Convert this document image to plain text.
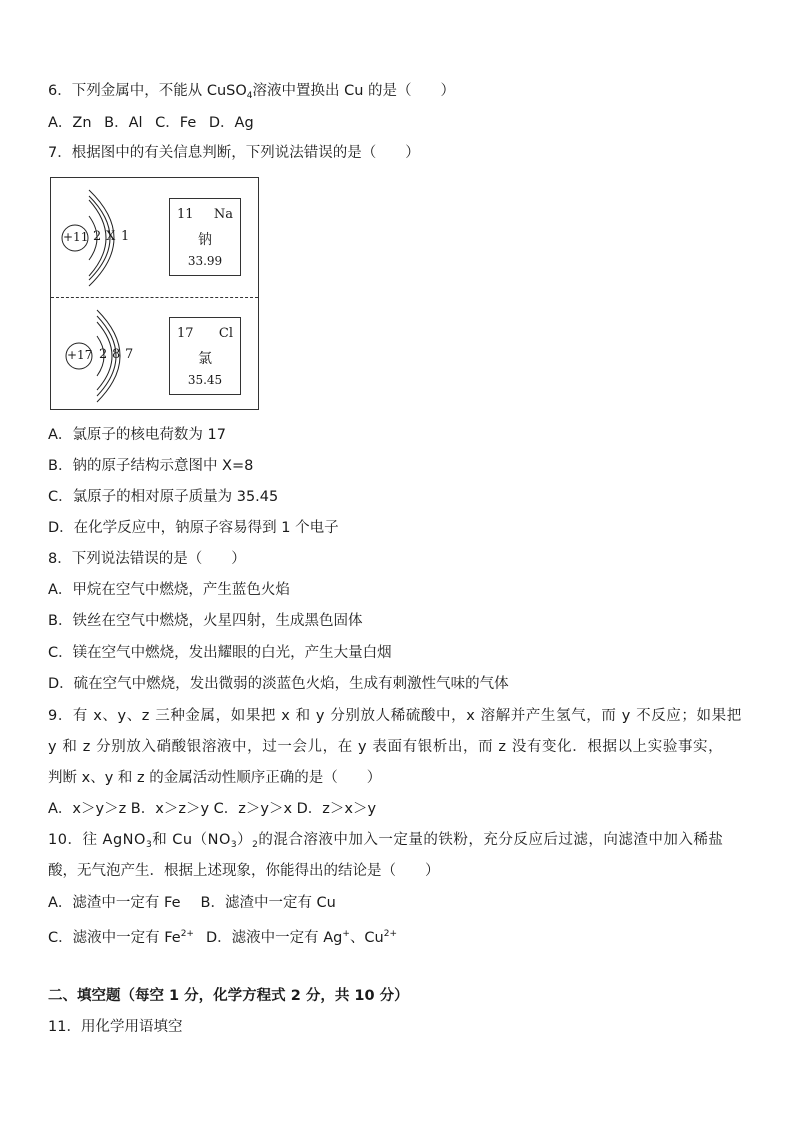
6．下列金属中，不能从 CuSO$_4$溶液中置换出 Cu 的是（　　）
A．Zn B．Al C．Fe D．Ag
7．根据图中的有关信息判断，下列说法错误的是（　　）
+11 2 X 1
11 Na
钠
33.99
+17 2 8 7
17 Cl
氯
35.45
A．氯原子的核电荷数为 17
B．钠的原子结构示意图中 X=8
C．氯原子的相对原子质量为 35.45
D．在化学反应中，钠原子容易得到 1 个电子
8．下列说法错误的是（　　）
A．甲烷在空气中燃烧，产生蓝色火焰
B．铁丝在空气中燃烧，火星四射，生成黑色固体
C．镁在空气中燃烧，发出耀眼的白光，产生大量白烟
D．硫在空气中燃烧，发出微弱的淡蓝色火焰，生成有刺激性气味的气体
9．有 x、y、z 三种金属，如果把 x 和 y 分别放人稀硫酸中，x 溶解并产生氢气，而 y 不反应；如果把
y 和 z 分别放入硝酸银溶液中，过一会儿，在 y 表面有银析出，而 z 没有变化．根据以上实验事实，
判断 x、y 和 z 的金属活动性顺序正确的是（　　）
A．x＞y＞z B．x＞z＞y C．z＞y＞x D．z＞x＞y
10．往 AgNO$_3$和 $Cu(NO_3)_2$的混合溶液中加入一定量的铁粉，充分反应后过滤，向滤渣中加入稀盐
酸，无气泡产生．根据上述现象，你能得出的结论是（　　）
A．滤渣中一定有 Fe B．滤渣中一定有 Cu
C．滤液中一定有 $Fe^{2+}$ D．滤液中一定有 Ag+、$Cu^{2+}$
二、填空题（每空 1 分，化学方程式 2 分，共 10 分）
11．用化学用语填空
